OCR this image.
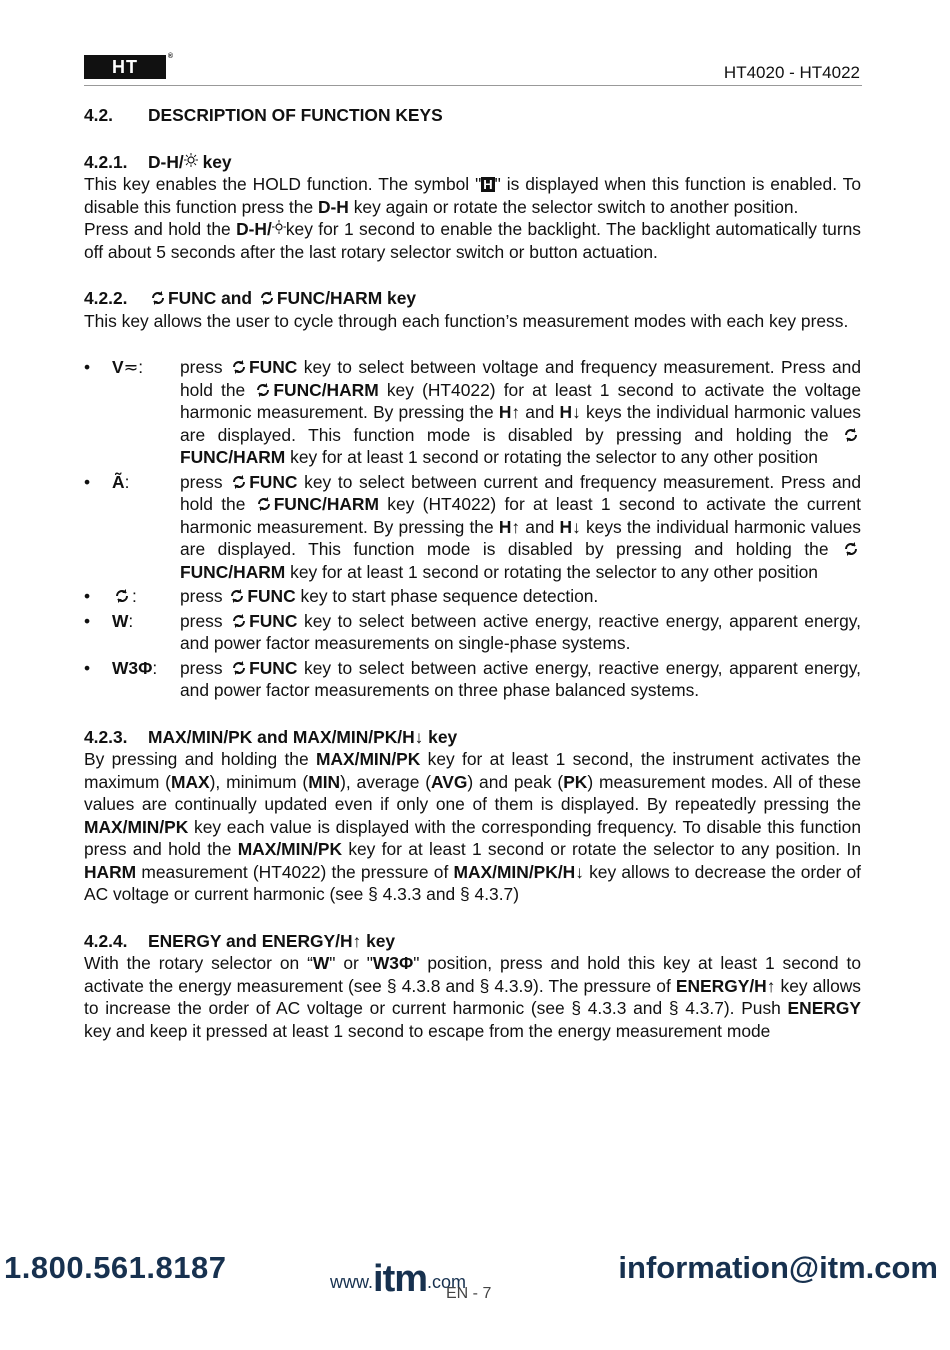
HT	®
HT4020 - HT4022
4.2. DESCRIPTION OF FUNCTION KEYS
4.2.1. D-H/ key

This key enables the HOLD function. The symbol " H " is displayed when this function is enabled. To disable this function press the D-H key again or rotate the selector switch to another position.

Press and hold the D-H/ key for 1 second to enable the backlight. The backlight automatically turns off about 5 seconds after the last rotary selector switch or button actuation.

4.2.2. FUNC and FUNC/HARM key

This key allows the user to cycle through each function’s measurement modes with each key press.

• V≂: press FUNC key to select between voltage and frequency measurement. Press and hold the FUNC/HARM key (HT4022) for at least 1 second to activate the voltage harmonic measurement. By pressing the H↑ and H↓ keys the individual harmonic values are displayed. This function mode is disabled by pressing and holding the FUNC/HARM key for at least 1 second or rotating the selector to any other position

• Ã:	press FUNC key to select between current and frequency measurement. Press and hold the FUNC/HARM key (HT4022) for at least 1 second to activate the current harmonic measurement. By pressing the H↑ and H↓ keys the individual harmonic values are displayed. This function mode is disabled by pressing and holding the FUNC/HARM key for at least 1 second or rotating the selector to any other position

•	: press FUNC key to start phase sequence detection.

• W:	press FUNC key to select between active energy, reactive energy, apparent energy, and power factor measurements on single-phase systems.

• W3Φ: press FUNC key to select between active energy, reactive energy, apparent energy, and power factor measurements on three phase balanced systems.

4.2.3. MAX/MIN/PK and MAX/MIN/PK/H↓ key

By pressing and holding the MAX/MIN/PK key for at least 1 second, the instrument activates the maximum (MAX), minimum (MIN), average (AVG) and peak (PK) measurement modes. All of these values are continually updated even if only one of them is displayed. By repeatedly pressing the MAX/MIN/PK key each value is displayed with the corresponding frequency. To disable this function press and hold the MAX/MIN/PK key for at least 1 second or rotate the selector to any position. In HARM measurement (HT4022) the pressure of MAX/MIN/PK/H↓ key allows to decrease the order of AC voltage or current harmonic (see § 4.3.3 and § 4.3.7)

4.2.4. ENERGY and ENERGY/H↑ key

With the rotary selector on “W" or "W3Φ" position, press and hold this key at least 1 second to activate the energy measurement (see § 4.3.8 and § 4.3.9). The pressure of ENERGY/H↑ key allows to increase the order of AC voltage or current harmonic (see § 4.3.3 and § 4.3.7). Push ENERGY key and keep it pressed at least 1 second to escape from the energy measurement mode

1.800.561.8187	www.itm.com	information@itm.com
EN - 7
